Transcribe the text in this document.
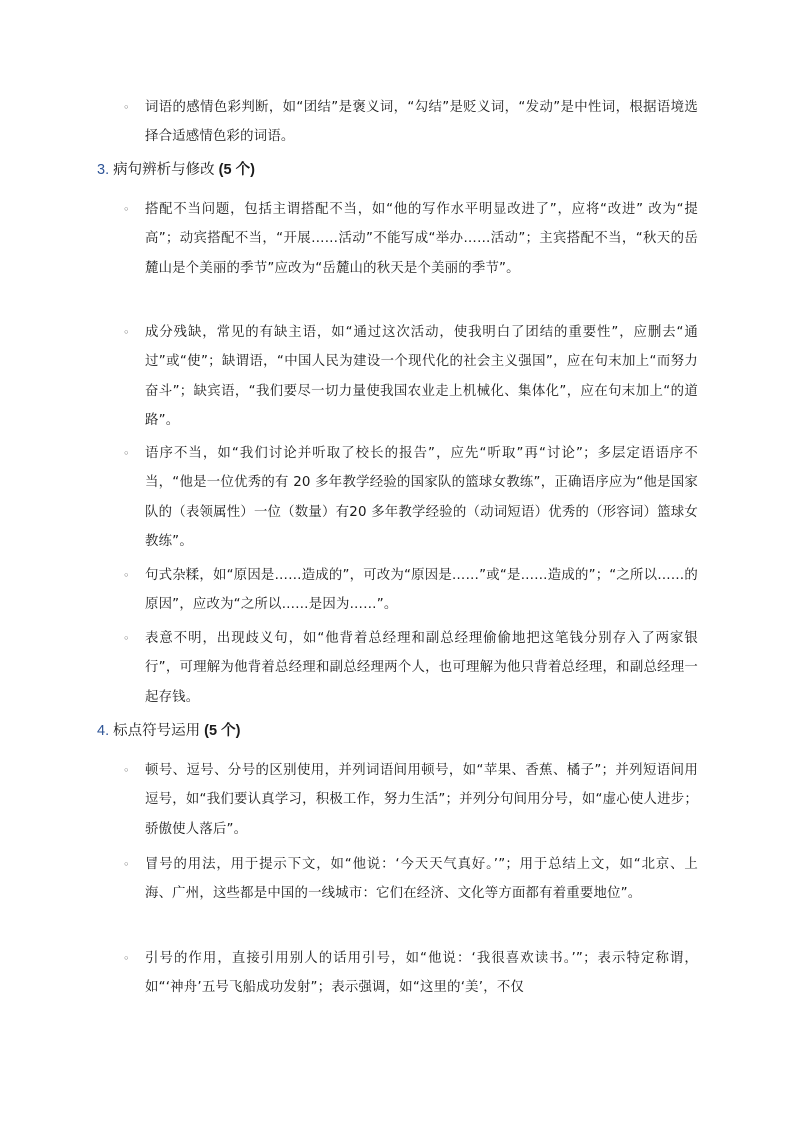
◦ 词语的感情色彩判断，如“团结”是褒义词，“勾结”是贬义词，“发动”是中性词，根据语境选择合适感情色彩的词语。
3. 病句辨析与修改 (5 个)
◦ 搭配不当问题，包括主谓搭配不当，如“他的写作水平明显改进了”，应将“改进” 改为“提高”；动宾搭配不当，“开展……活动”不能写成“举办……活动”；主宾搭配不当，“秋天的岳麓山是个美丽的季节”应改为“岳麓山的秋天是个美丽的季节”。
◦ 成分残缺，常见的有缺主语，如“通过这次活动，使我明白了团结的重要性”，应删去“通过”或“使”；缺谓语，“中国人民为建设一个现代化的社会主义强国”，应在句末加上“而努力奋斗”；缺宾语，“我们要尽一切力量使我国农业走上机械化、集体化”，应在句末加上“的道路”。
◦ 语序不当，如“我们讨论并听取了校长的报告”，应先“听取”再“讨论”；多层定语语序不当，“他是一位优秀的有 20 多年教学经验的国家队的篮球女教练”，正确语序应为“他是国家队的（表领属性）一位（数量）有20 多年教学经验的（动词短语）优秀的（形容词）篮球女教练”。
◦ 句式杂糅，如“原因是……造成的”，可改为“原因是……”或“是……造成的”；“之所以……的原因”，应改为“之所以……是因为……”。
◦ 表意不明，出现歧义句，如“他背着总经理和副总经理偷偷地把这笔钱分别存入了两家银行”，可理解为他背着总经理和副总经理两个人，也可理解为他只背着总经理，和副总经理一起存钱。
4. 标点符号运用 (5 个)
◦ 顿号、逗号、分号的区别使用，并列词语间用顿号，如“苹果、香蕉、橘子”；并列短语间用逗号，如“我们要认真学习，积极工作，努力生活”；并列分句间用分号，如“虚心使人进步；骄傲使人落后”。
◦ 冒号的用法，用于提示下文，如“他说：‘今天天气真好。’”；用于总结上文，如“北京、上海、广州，这些都是中国的一线城市：它们在经济、文化等方面都有着重要地位”。
◦ 引号的作用，直接引用别人的话用引号，如“他说：‘我很喜欢读书。’”；表示特定称谓，如“‘神舟’五号飞船成功发射”；表示强调，如“这里的‘美’，不仅
